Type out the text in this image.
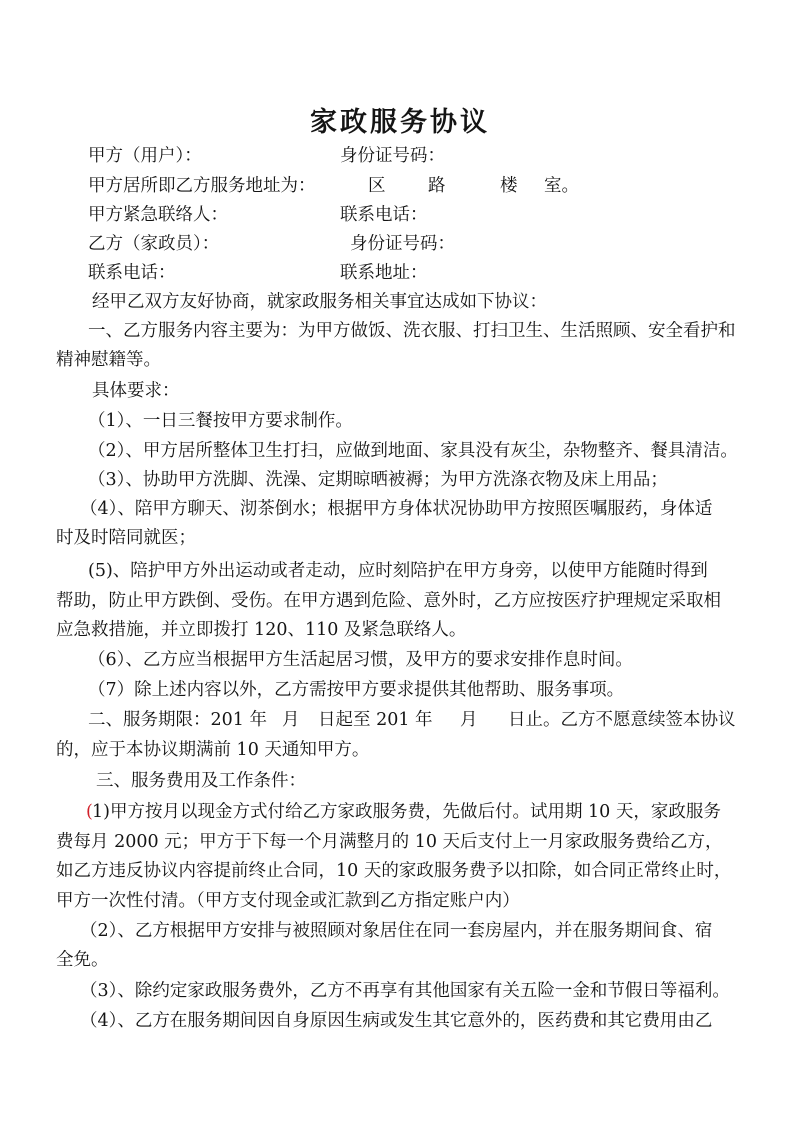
家政服务协议
甲方（用户）：	身份证号码：
甲方居所即乙方服务地址为：	区 路	楼 室。
甲方紧急联络人：	联系电话：
乙方（家政员）：	身份证号码：
联系电话：	联系地址：
经甲乙双方友好协商，就家政服务相关事宜达成如下协议：
一、乙方服务内容主要为：为甲方做饭、洗衣服、打扫卫生、生活照顾、安全看护和
精神慰籍等。
具体要求：
（1）、一日三餐按甲方要求制作。
（2）、甲方居所整体卫生打扫，应做到地面、家具没有灰尘，杂物整齐、餐具清洁。
（3）、协助甲方洗脚、洗澡、定期晾晒被褥；为甲方洗涤衣物及床上用品；
（4）、陪甲方聊天、沏茶倒水；根据甲方身体状况协助甲方按照医嘱服药，身体适
时及时陪同就医；
(5)、陪护甲方外出运动或者走动，应时刻陪护在甲方身旁，以使甲方能随时得到
帮助，防止甲方跌倒、受伤。在甲方遇到危险、意外时，乙方应按医疗护理规定采取相
应急救措施，并立即拨打 120、110 及紧急联络人。
（6）、乙方应当根据甲方生活起居习惯，及甲方的要求安排作息时间。
（7）除上述内容以外，乙方需按甲方要求提供其他帮助、服务事项。
二、服务期限：201 年 月 日起至 201 年 月 日止。乙方不愿意续签本协议
的，应于本协议期满前 10 天通知甲方。
三、服务费用及工作条件：
( 1)甲方按月以现金方式付给乙方家政服务费，先做后付。试用期 10 天，家政服务
费每月 2000 元；甲方于下每一个月满整月的 10 天后支付上一月家政服务费给乙方，
如乙方违反协议内容提前终止合同，10 天的家政服务费予以扣除，如合同正常终止时，
甲方一次性付清。（甲方支付现金或汇款到乙方指定账户内）
（2）、乙方根据甲方安排与被照顾对象居住在同一套房屋内，并在服务期间食、宿
全免。
（3）、除约定家政服务费外，乙方不再享有其他国家有关五险一金和节假日等福利。
（4）、乙方在服务期间因自身原因生病或发生其它意外的，医药费和其它费用由乙
